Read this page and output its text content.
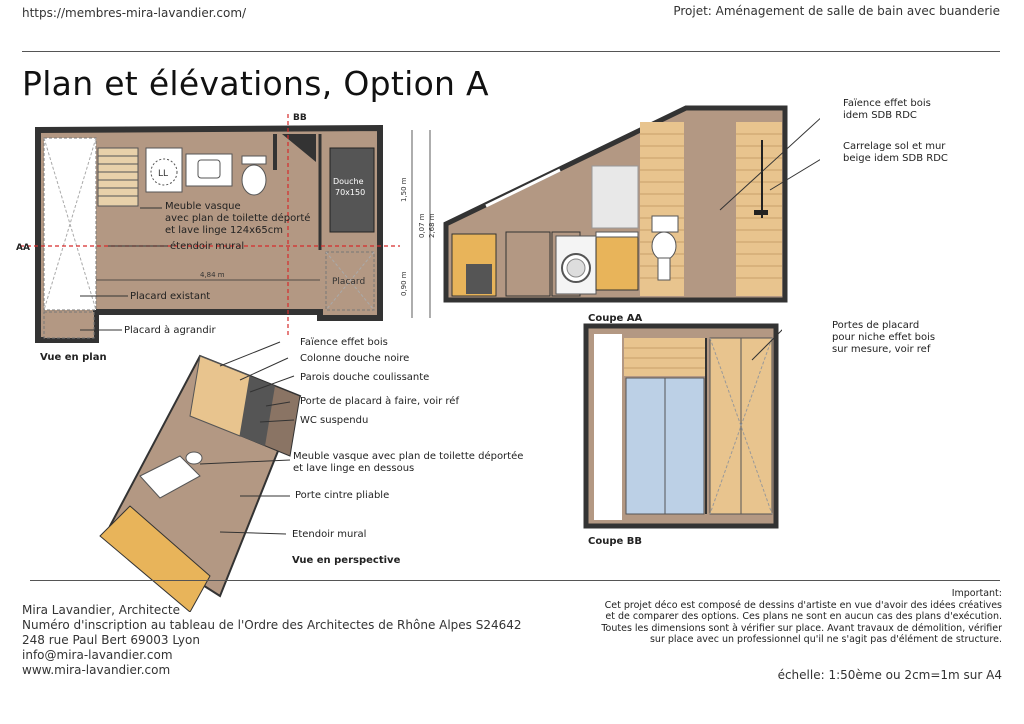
https://membres-mira-lavandier.com/	Projet: Aménagement de salle de bain avec buanderie
Plan et élévations, Option A
LL
Douche
70x150
Placard
BB
AA
4,84 m
1,50 m
0,07 m 2,68 m
0,90 m
Meuble vasque
avec plan de toilette déporté
et lave linge 124x65cm
étendoir mural
Placard existant
Placard à agrandir
Vue en plan
Faïence effet bois
idem SDB RDC
Carrelage sol et mur
beige idem SDB RDC
Coupe AA
Portes de placard
pour niche effet bois
sur mesure, voir ref
Coupe BB
Faïence effet bois
Colonne douche noire
Parois douche coulissante
Porte de placard à faire, voir réf
WC suspendu
Meuble vasque avec plan de toilette déportée
et lave linge en dessous
Porte cintre pliable
Etendoir mural
Vue en perspective
Mira Lavandier, Architecte
Numéro d'inscription au tableau de l'Ordre des Architectes de Rhône Alpes S24642
248 rue Paul Bert 69003 Lyon
info@mira-lavandier.com
www.mira-lavandier.com
Important:
Cet projet déco est composé de dessins d'artiste en vue d'avoir des idées créatives
et de comparer des options. Ces plans ne sont en aucun cas des plans d'exécution.
Toutes les dimensions sont à vérifier sur place. Avant travaux de démolition, vérifier
sur place avec un professionnel qu'il ne s'agit pas d'élément de structure.
échelle: 1:50ème ou 2cm=1m sur A4
